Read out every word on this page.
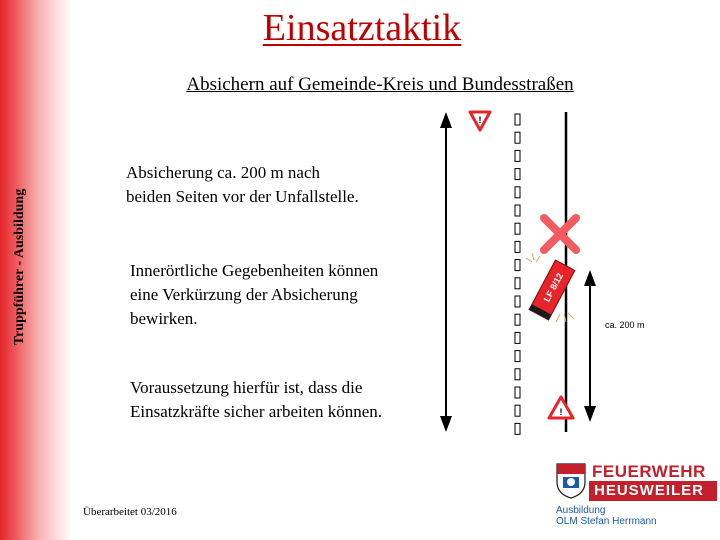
Truppführer - Ausbildung
Einsatztaktik
Absichern auf Gemeinde-Kreis und Bundesstraßen
Absicherung ca. 200 m nach
beiden Seiten vor der Unfallstelle.
Innerörtliche Gegebenheiten können
eine Verkürzung der Absicherung
bewirken.
Voraussetzung hierfür ist, dass die
Einsatzkräfte sicher arbeiten können.
Überarbeitet 03/2016
!
LF 8/12
ca. 200 m
!
FEUERWEHR
HEUSWEILER
Ausbildung
OLM Stefan Herrmann
